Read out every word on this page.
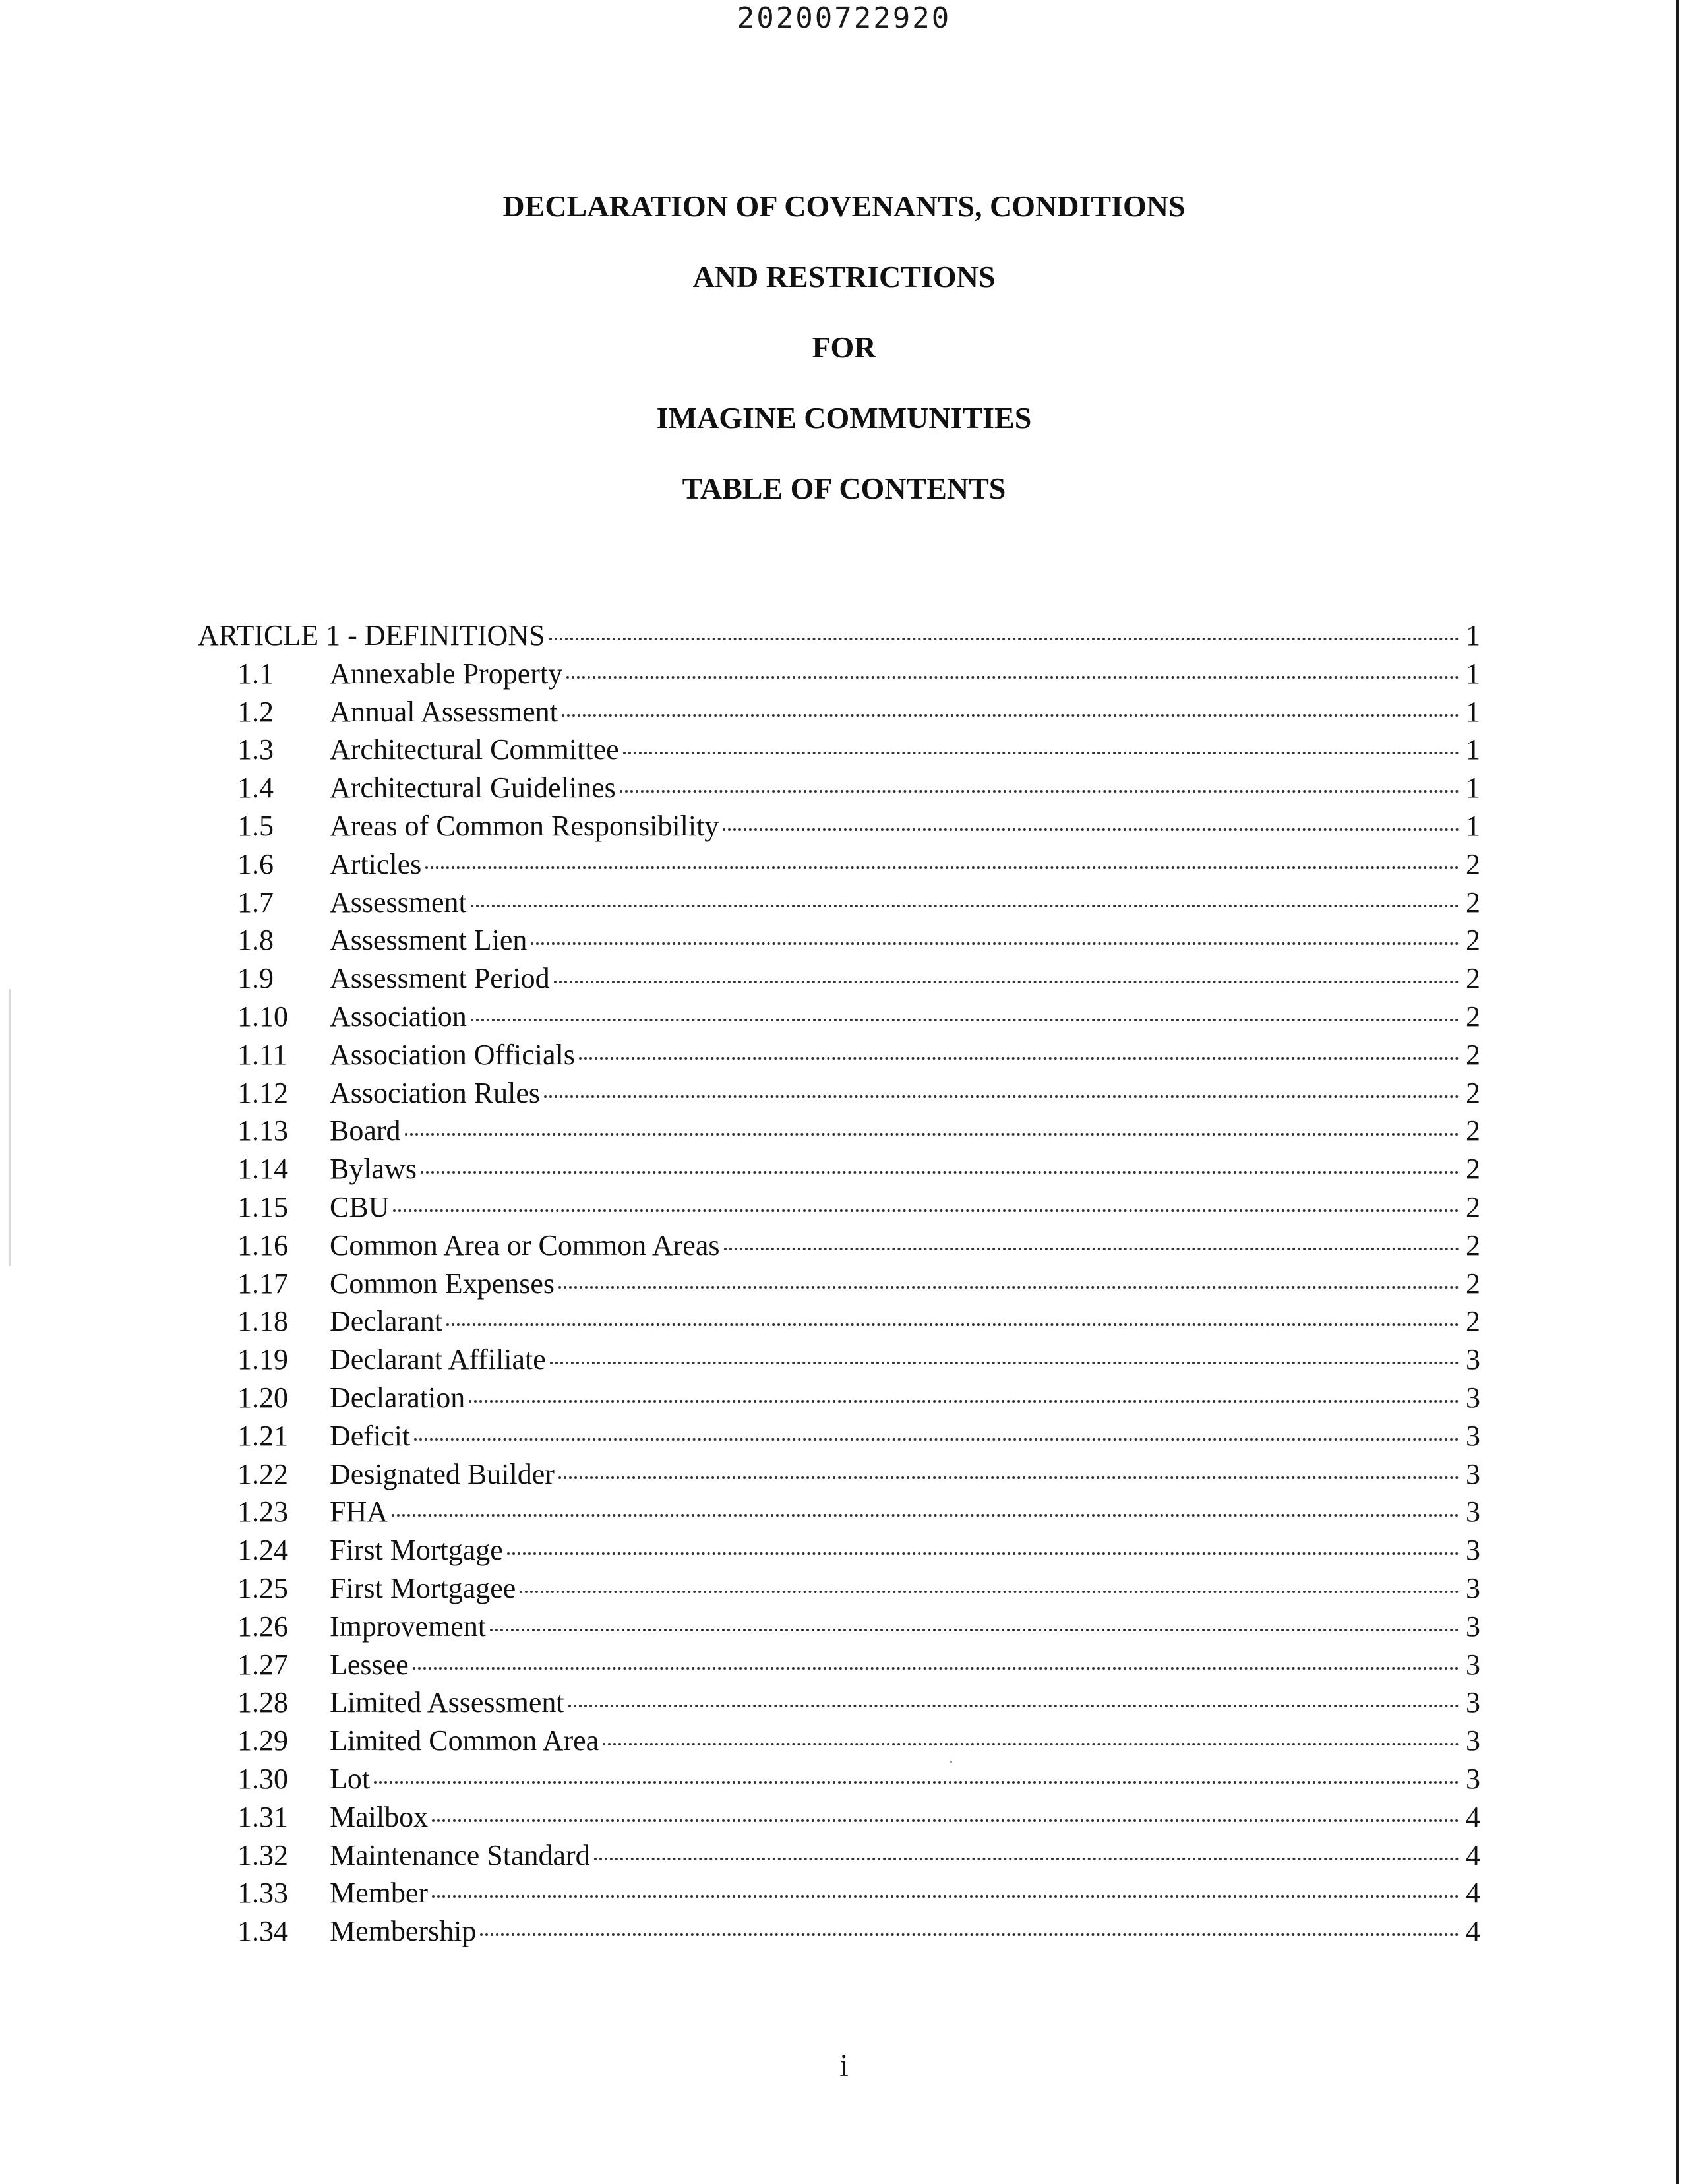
20200722920
DECLARATION OF COVENANTS, CONDITIONS
AND RESTRICTIONS
FOR
IMAGINE COMMUNITIES
TABLE OF CONTENTS
ARTICLE 1 - DEFINITIONS	1
1.1 Annexable Property	1
1.2 Annual Assessment	1
1.3 Architectural Committee	1
1.4 Architectural Guidelines	1
1.5 Areas of Common Responsibility	1
1.6 Articles	2
1.7 Assessment	2
1.8 Assessment Lien	2
1.9 Assessment Period	2
1.10 Association	2
1.11 Association Officials	2
1.12 Association Rules	2
1.13 Board	2
1.14 Bylaws	2
1.15 CBU	2
1.16 Common Area or Common Areas	2
1.17 Common Expenses	2
1.18 Declarant	2
1.19 Declarant Affiliate	3
1.20 Declaration	3
1.21 Deficit	3
1.22 Designated Builder	3
1.23 FHA	3
1.24 First Mortgage	3
1.25 First Mortgagee	3
1.26 Improvement	3
1.27 Lessee	3
1.28 Limited Assessment	3
1.29 Limited Common Area	3
1.30 Lot	3
1.31 Mailbox	4
1.32 Maintenance Standard	4
1.33 Member	4
1.34 Membership	4
i
